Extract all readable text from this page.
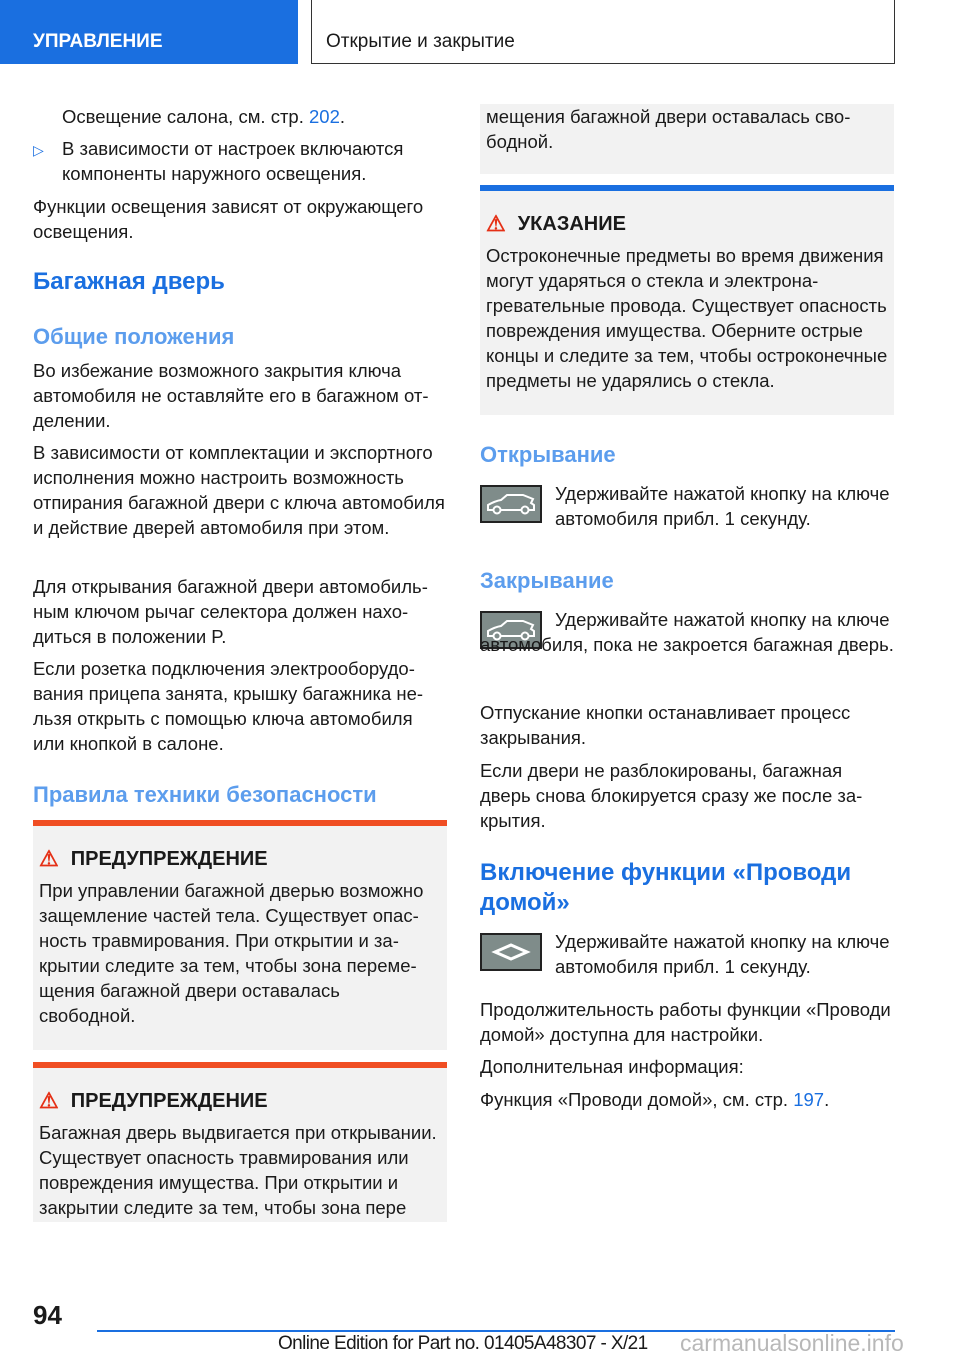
УПРАВЛЕНИЕ	Открытие и закрытие

Освещение салона, см. стр. 202.

▷ В зависимости от настроек включаются компоненты наружного освещения.

Функции освещения зависят от окружающего освещения.

Багажная дверь
Общие положения

Во избежание возможного закрытия ключа автомобиля не оставляйте его в багажном отделении.

В зависимости от комплектации и экспортного исполнения можно настроить возможность отпирания багажной двери с ключа автомобиля и действие дверей автомобиля при этом.

Для открывания багажной двери автомобильным ключом рычаг селектора должен находиться в положении P.

Если розетка подключения электрооборудования прицепа занята, крышку багажника нельзя открыть с помощью ключа автомобиля или кнопкой в салоне.

Правила техники безопасности
⚠ ПРЕДУПРЕЖДЕНИЕ

При управлении багажной дверью возможно защемление частей тела. Существует опасность травмирования. При открытии и закрытии следите за тем, чтобы зона перемещения багажной двери оставалась свободной.

⚠ ПРЕДУПРЕЖДЕНИЕ

Багажная дверь выдвигается при открывании. Существует опасность травмирования или повреждения имущества. При открытии и закрытии следите за тем, чтобы зона пере

мещения багажной двери оставалась свободной.

⚠ УКАЗАНИЕ

Остроконечные предметы во время движения могут ударяться о стекла и электронагревательные провода. Существует опасность повреждения имущества. Оберните острые концы и следите за тем, чтобы остроконечные предметы не ударялись о стекла.

Открывание

Удерживайте нажатой кнопку на ключе автомобиля прибл. 1 секунду.

Закрывание

Удерживайте нажатой кнопку на ключе автомобиля, пока не закроется багажная дверь.

Отпускание кнопки останавливает процесс закрывания.

Если двери не разблокированы, багажная дверь снова блокируется сразу же после закрытия.

Включение функции «Проводи домой»

Удерживайте нажатой кнопку на ключе автомобиля прибл. 1 секунду.

Продолжительность работы функции «Проводи домой» доступна для настройки.

Дополнительная информация:

Функция «Проводи домой», см. стр. 197.

94
Online Edition for Part no. 01405A48307 - X/21 carmanualsonline.info
